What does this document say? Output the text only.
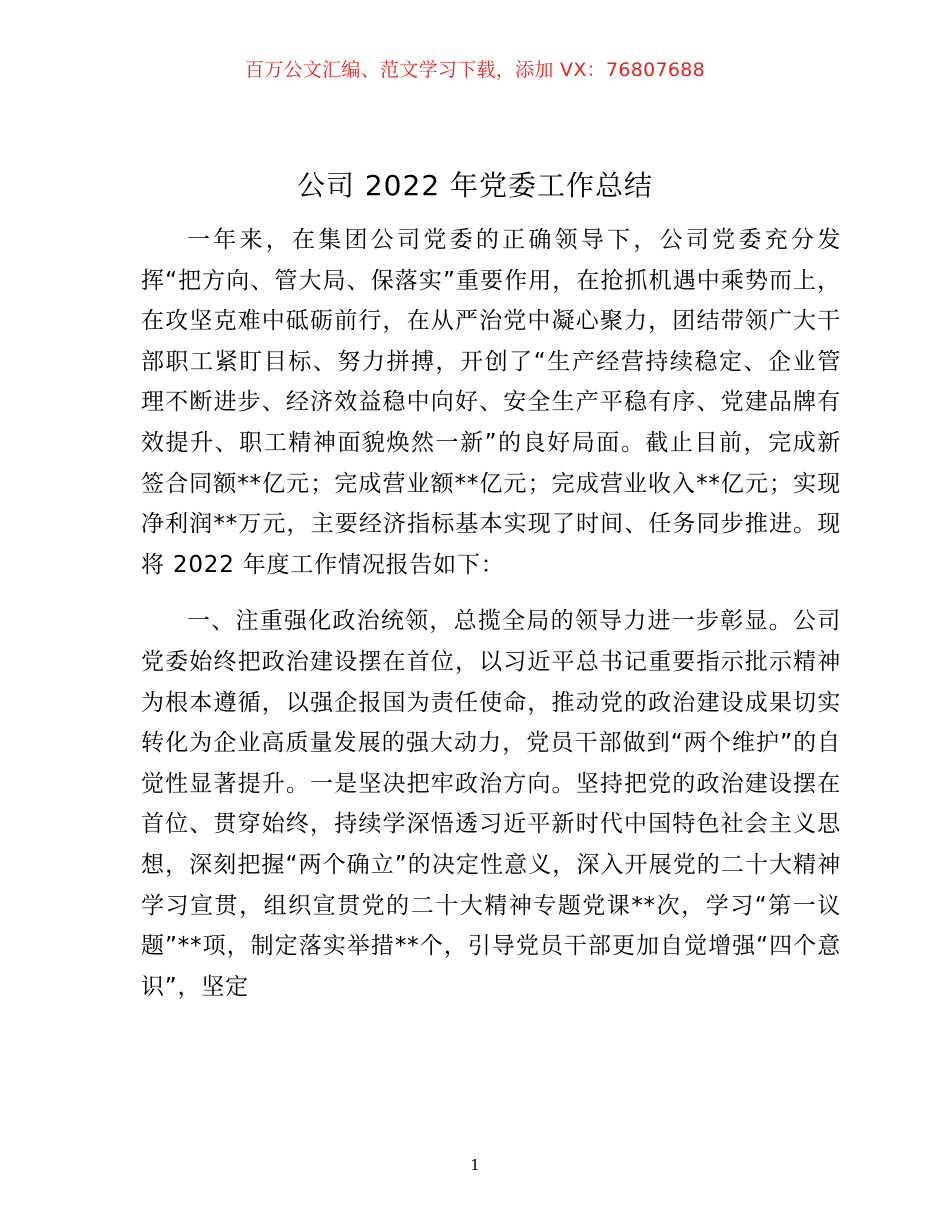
百万公文汇编、范文学习下载，添加 VX：76807688
公司 2022 年党委工作总结

一年来，在集团公司党委的正确领导下，公司党委充分发挥“把方向、管大局、保落实”重要作用，在抢抓机遇中乘势而上，在攻坚克难中砥砺前行，在从严治党中凝心聚力，团结带领广大干部职工紧盯目标、努力拼搏，开创了“生产经营持续稳定、企业管理不断进步、经济效益稳中向好、安全生产平稳有序、党建品牌有效提升、职工精神面貌焕然一新”的良好局面。截止目前，完成新签合同额**亿元；完成营业额**亿元；完成营业收入**亿元；实现净利润**万元，主要经济指标基本实现了时间、任务同步推进。现将 2022 年度工作情况报告如下：

一、注重强化政治统领，总揽全局的领导力进一步彰显。公司党委始终把政治建设摆在首位，以习近平总书记重要指示批示精神为根本遵循，以强企报国为责任使命，推动党的政治建设成果切实转化为企业高质量发展的强大动力，党员干部做到“两个维护”的自觉性显著提升。一是坚决把牢政治方向。坚持把党的政治建设摆在首位、贯穿始终，持续学深悟透习近平新时代中国特色社会主义思想，深刻把握“两个确立”的决定性意义，深入开展党的二十大精神学习宣贯，组织宣贯党的二十大精神专题党课**次，学习“第一议题”**项，制定落实举措**个，引导党员干部更加自觉增强“四个意识”，坚定

1
